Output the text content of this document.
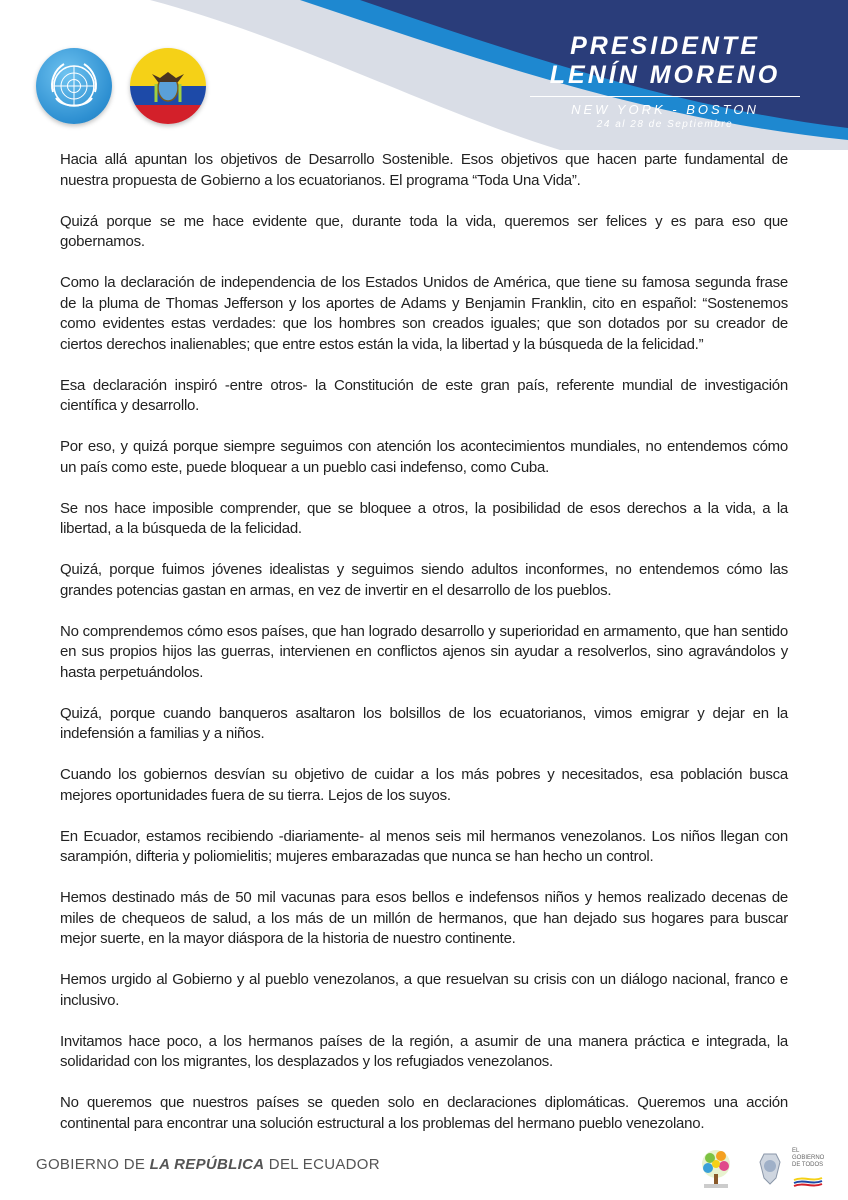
PRESIDENTE
LENÍN MORENO
NEW YORK - BOSTON
24 al 28 de Septiembre

Hacia allá apuntan los objetivos de Desarrollo Sostenible. Esos objetivos que hacen parte fundamental de nuestra propuesta de Gobierno a los ecuatorianos. El programa “Toda Una Vida”.

Quizá porque se me hace evidente que, durante toda la vida, queremos ser felices y es para eso que gobernamos.

Como la declaración de independencia de los Estados Unidos de América, que tiene su famosa segunda frase de la pluma de Thomas Jefferson y los aportes de Adams y Benjamin Franklin, cito en español: “Sostenemos como evidentes estas verdades: que los hombres son creados iguales; que son dotados por su creador de ciertos derechos inalienables; que entre estos están la vida, la libertad y la búsqueda de la felicidad.”

Esa declaración inspiró -entre otros- la Constitución de este gran país, referente mundial de investigación científica y desarrollo.

Por eso, y quizá porque siempre seguimos con atención los acontecimientos mundiales, no entendemos cómo un país como este, puede bloquear a un pueblo casi indefenso, como Cuba.

Se nos hace imposible comprender, que se bloquee a otros, la posibilidad de esos derechos a la vida, a la libertad, a la búsqueda de la felicidad.

Quizá, porque fuimos jóvenes idealistas y seguimos siendo adultos inconformes, no entendemos cómo las grandes potencias gastan en armas, en vez de invertir en el desarrollo de los pueblos.

No comprendemos cómo esos países, que han logrado desarrollo y superioridad en armamento, que han sentido en sus propios hijos las guerras, intervienen en conflictos ajenos sin ayudar a resolverlos, sino agravándolos y hasta perpetuándolos.

Quizá, porque cuando banqueros asaltaron los bolsillos de los ecuatorianos, vimos emigrar y dejar en la indefensión a familias y a niños.

Cuando los gobiernos desvían su objetivo de cuidar a los más pobres y necesitados, esa población busca mejores oportunidades fuera de su tierra. Lejos de los suyos.

En Ecuador, estamos recibiendo -diariamente- al menos seis mil hermanos venezolanos. Los niños llegan con sarampión, difteria y poliomielitis; mujeres embarazadas que nunca se han hecho un control.

Hemos destinado más de 50 mil vacunas para esos bellos e indefensos niños y hemos realizado decenas de miles de chequeos de salud, a los más de un millón de hermanos, que han dejado sus hogares para buscar mejor suerte, en la mayor diáspora de la historia de nuestro continente.

Hemos urgido al Gobierno y al pueblo venezolanos, a que resuelvan su crisis con un diálogo nacional, franco e inclusivo.

Invitamos hace poco, a los hermanos países de la región, a asumir de una manera práctica e integrada, la solidaridad con los migrantes, los desplazados y los refugiados venezolanos.

No queremos que nuestros países se queden solo en declaraciones diplomáticas. Queremos una acción continental para encontrar una solución estructural a los problemas del hermano pueblo venezolano.

GOBIERNO DE LA REPÚBLICA DEL ECUADOR
EL GOBIERNO DE TODOS
